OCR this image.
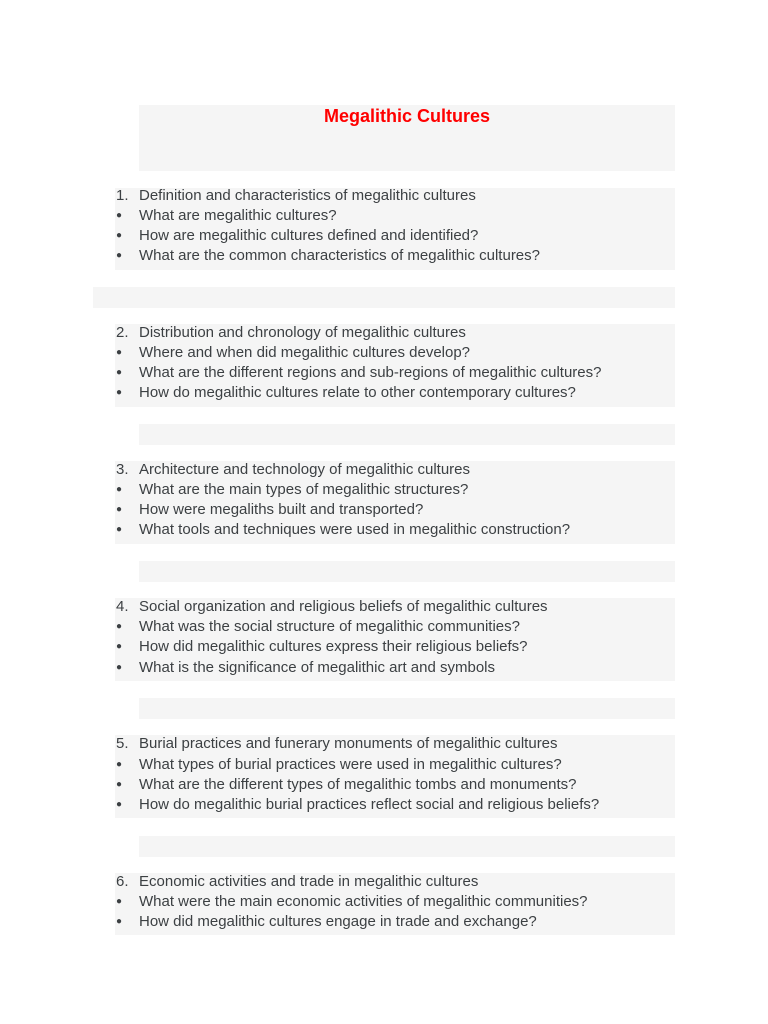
Megalithic Cultures
1. Definition and characteristics of megalithic cultures
●	What are megalithic cultures?
●	How are megalithic cultures defined and identified?
●	What are the common characteristics of megalithic cultures?
2. Distribution and chronology of megalithic cultures
●	Where and when did megalithic cultures develop?
●	What are the different regions and sub-regions of megalithic cultures?
●	How do megalithic cultures relate to other contemporary cultures?
3. Architecture and technology of megalithic cultures
●	What are the main types of megalithic structures?
●	How were megaliths built and transported?
●	What tools and techniques were used in megalithic construction?
4. Social organization and religious beliefs of megalithic cultures
●	What was the social structure of megalithic communities?
●	How did megalithic cultures express their religious beliefs?
●	What is the significance of megalithic art and symbols
5. Burial practices and funerary monuments of megalithic cultures
●	What types of burial practices were used in megalithic cultures?
●	What are the different types of megalithic tombs and monuments?
●	How do megalithic burial practices reflect social and religious beliefs?
6. Economic activities and trade in megalithic cultures
●	What were the main economic activities of megalithic communities?
●	How did megalithic cultures engage in trade and exchange?
